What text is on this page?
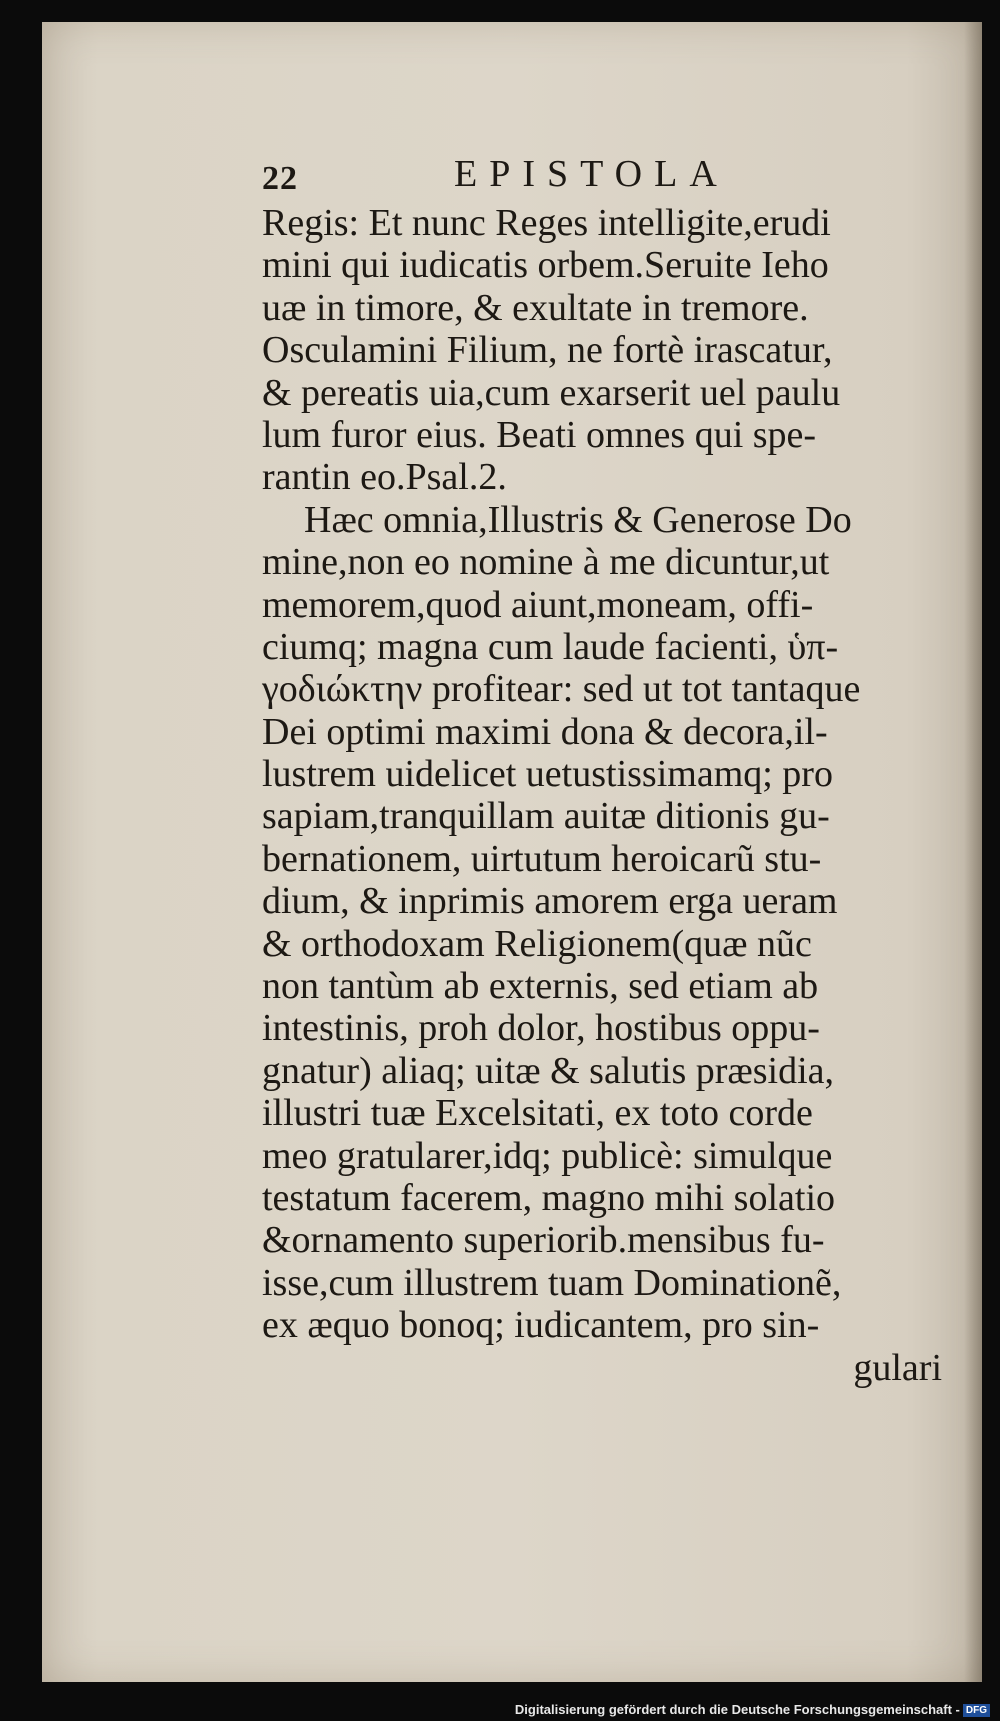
22	EPISTOLA
Regis: Et nunc Reges intelligite,erudi
mini qui iudicatis orbem.Seruite Ieho
uæ in timore, & exultate in tremore.
Osculamini Filium, ne fortè irascatur,
& pereatis uia,cum exarserit uel paulu
lum furor eius. Beati omnes qui spe-
rantin eo.Psal.2.
Hæc omnia,Illustris & Generose Do
mine,non eo nomine à me dicuntur,ut
memorem,quod aiunt,moneam, offi-
ciumq; magna cum laude facienti, ὑπ-
γοδιώκτην profitear: sed ut tot tantaque
Dei optimi maximi dona & decora,il-
lustrem uidelicet uetustissimamq; pro
sapiam,tranquillam auitæ ditionis gu-
bernationem, uirtutum heroicarũ stu-
dium, & inprimis amorem erga ueram
& orthodoxam Religionem(quæ nũc
non tantùm ab externis, sed etiam ab
intestinis, proh dolor, hostibus oppu-
gnatur) aliaq; uitæ & salutis præsidia,
illustri tuæ Excelsitati, ex toto corde
meo gratularer,idq; publicè: simulque
testatum facerem, magno mihi solatio
&ornamento superiorib.mensibus fu-
isse,cum illustrem tuam Dominationẽ,
ex æquo bonoq; iudicantem, pro sin-
gulari
Digitalisierung gefördert durch die Deutsche Forschungsgemeinschaft - DFG
